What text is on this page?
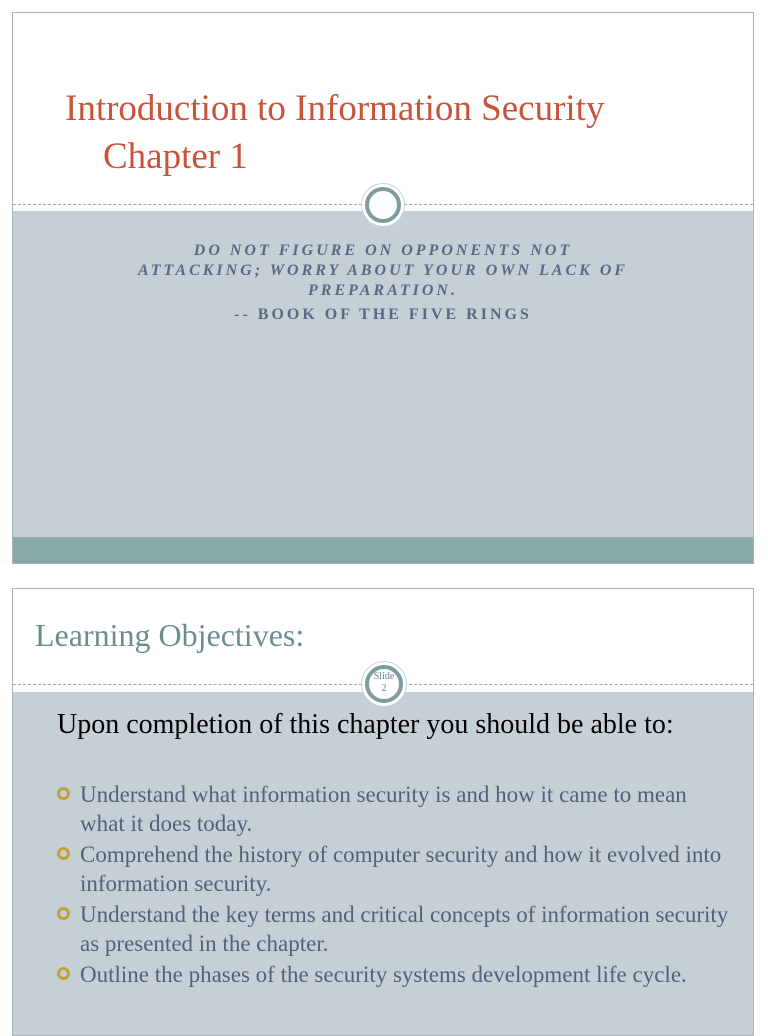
Introduction to Information Security
Chapter 1
DO NOT FIGURE ON OPPONENTS NOT ATTACKING; WORRY ABOUT YOUR OWN LACK OF PREPARATION.
-- BOOK OF THE FIVE RINGS
Learning Objectives:
Upon completion of this chapter you should be able to:
Understand what information security is and how it came to mean what it does today.
Comprehend the history of computer security and how it evolved into information security.
Understand the key terms and critical concepts of information security as presented in the chapter.
Outline the phases of the security systems development life cycle.
Slide
2
